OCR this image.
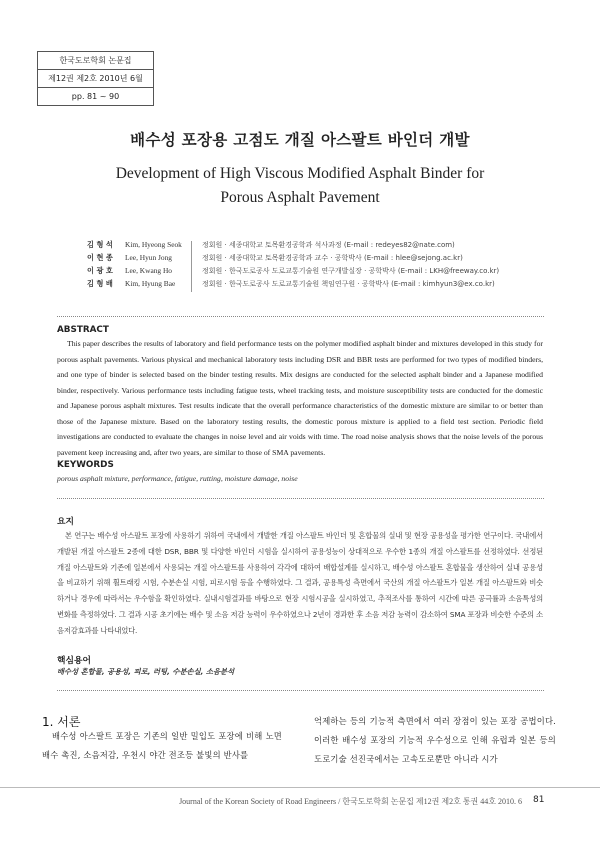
한국도로학회 논문집
제12권 제2호 2010년 6월
pp. 81 ~ 90
배수성 포장용 고점도 개질 아스팔트 바인더 개발
Development of High Viscous Modified Asphalt Binder for
Porous Asphalt Pavement
김 형 석 Kim, Hyeong Seok	정회원 · 세종대학교 토목환경공학과 석사과정 (E-mail : redeyes82@nate.com)
이 현 종 Lee, Hyun Jong	정회원 · 세종대학교 토목환경공학과 교수 · 공학박사 (E-mail : hlee@sejong.ac.kr)
이 광 호 Lee, Kwang Ho	정회원 · 한국도로공사 도로교통기술원 연구개발실장 · 공학박사 (E-mail : LKH@freeway.co.kr)
김 형 배 Kim, Hyung Bae	정회원 · 한국도로공사 도로교통기술원 책임연구원 · 공학박사 (E-mail : kimhyun3@ex.co.kr)
ABSTRACT
This paper describes the results of laboratory and field performance tests on the polymer modified asphalt binder and mixtures developed in this study for porous asphalt pavements. Various physical and mechanical laboratory tests including DSR and BBR tests are performed for two types of modified binders, and one type of binder is selected based on the binder testing results. Mix designs are conducted for the selected asphalt binder and a Japanese modified binder, respectively. Various performance tests including fatigue tests, wheel tracking tests, and moisture susceptibility tests are conducted for the domestic and Japanese porous asphalt mixtures. Test results indicate that the overall performance characteristics of the domestic mixture are similar to or better than those of the Japanese mixture. Based on the laboratory testing results, the domestic porous mixture is applied to a field test section. Periodic field investigations are conducted to evaluate the changes in noise level and air voids with time. The road noise analysis shows that the noise levels of the porous pavement keep increasing and, after two years, are similar to those of SMA pavements.
KEYWORDS
porous asphalt mixture, performance, fatigue, rutting, moisture damage, noise
요지
본 연구는 배수성 아스팔트 포장에 사용하기 위하여 국내에서 개발한 개질 아스팔트 바인더 및 혼합물의 실내 및 현장 공용성을 평가한 연구이다. 국내에서 개발된 개질 아스팔트 2종에 대한 DSR, BBR 및 다양한 바인더 시험을 실시하여 공용성능이 상대적으로 우수한 1종의 개질 아스팔트를 선정하였다. 선정된 개질 아스팔트와 기존에 일본에서 사용되는 개질 아스팔트를 사용하여 각각에 대하여 배합설계를 실시하고, 배수성 아스팔트 혼합물을 생산하여 실내 공용성을 비교하기 위해 휠트래킹 시험, 수분손실 시험, 피로시험 등을 수행하였다. 그 결과, 공용특성 측면에서 국산의 개질 아스팔트가 일본 개질 아스팔트와 비슷하거나 경우에 따라서는 우수함을 확인하였다. 실내시험결과를 바탕으로 현장 시험시공을 실시하였고, 추적조사를 통하여 시간에 따른 공극률과 소음특성의 변화를 측정하였다. 그 결과 시공 초기에는 배수 및 소음 저감 능력이 우수하였으나 2년이 경과한 후 소음 저감 능력이 감소하여 SMA 포장과 비슷한 수준의 소음저감효과를 나타내었다.
핵심용어
배수성 혼합물, 공용성, 피로, 러팅, 수분손실, 소음분석
1. 서론
배수성 아스팔트 포장은 기존의 일반 밀입도 포장에 비해 노면배수 촉진, 소음저감, 우천시 야간 전조등 불빛의 반사를
억제하는 등의 기능적 측면에서 여러 장점이 있는 포장 공법이다. 이러한 배수성 포장의 기능적 우수성으로 인해 유럽과 일본 등의 도로기술 선진국에서는 고속도로뿐만 아니라 시가
Journal of the Korean Society of Road Engineers / 한국도로학회 논문집 제12권 제2호 통권 44호 2010. 6 81
